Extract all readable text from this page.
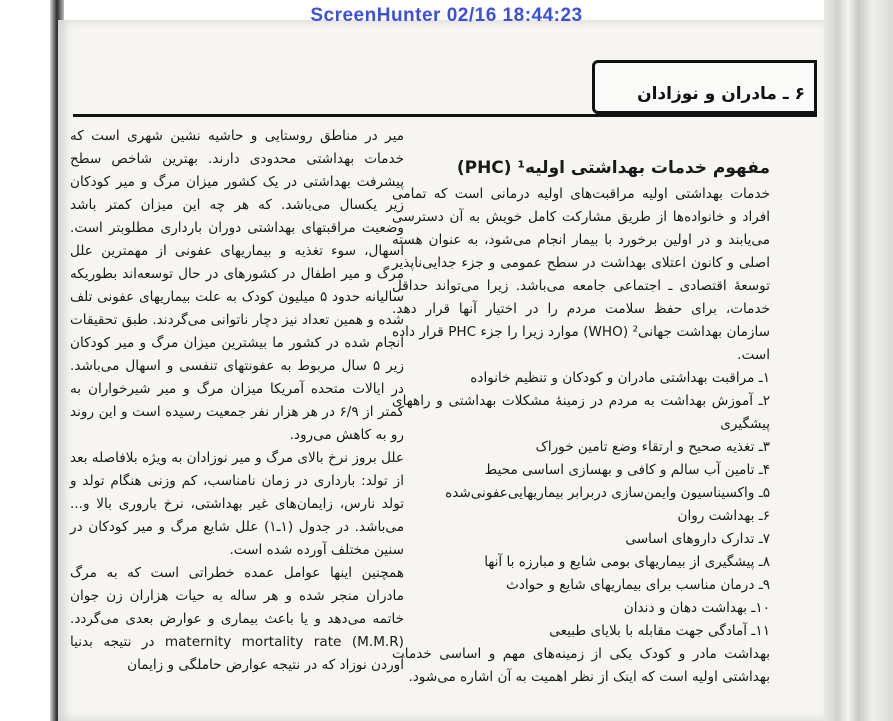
ScreenHunter 02/16 18:44:23
۶ ـ مادران و نوزادان
مفهوم خدمات بهداشتی اولیه¹ (PHC)

خدمات بهداشتی اولیه مراقبت‌های اولیه درمانی است که تمامی افراد و خانواده‌ها از طریق مشارکت کامل خویش به آن دسترسی می‌یابند و در اولین برخورد با بیمار انجام می‌شود، به عنوان هسته اصلی و کانون اعتلای بهداشت در سطح عمومی و جزء جدایی‌ناپذیر توسعهٔ اقتصادی ـ اجتماعی جامعه می‌باشد. زیرا می‌تواند حداقل خدمات، برای حفظ سلامت مردم را در اختیار آنها قرار دهد. سازمان بهداشت جهانی² (WHO) موارد زیرا را جزء PHC قرار داده است.

۱ـ مراقبت بهداشتی مادران و کودکان و تنظیم خانواده
۲ـ آموزش بهداشت به مردم در زمینهٔ مشکلات بهداشتی و راههای پیشگیری
۳ـ تغذیه صحیح و ارتقاء وضع تامین خوراک
۴ـ تامین آب سالم و کافی و بهسازی اساسی محیط
۵ـ واکسیناسیون وایمن‌سازی دربرابر بیماریهایی‌عفونی‌شده
۶ـ بهداشت روان
۷ـ تدارک داروهای اساسی
۸ـ پیشگیری از بیماریهای بومی شایع و مبارزه با آنها
۹ـ درمان مناسب برای بیماریهای شایع و حوادث
۱۰ـ بهداشت دهان و دندان
۱۱ـ آمادگی جهت مقابله با بلایای طبیعی

بهداشت مادر و کودک یکی از زمینه‌های مهم و اساسی خدمات بهداشتی اولیه است که اینک از نظر اهمیت به آن اشاره می‌شود.

میر در مناطق روستایی و حاشیه نشین شهری است که خدمات بهداشتی محدودی دارند. بهترین شاخص سطح پیشرفت بهداشتی در یک کشور میزان مرگ و میر کودکان زیر یکسال می‌باشد. که هر چه این میزان کمتر باشد وضعیت مراقبتهای بهداشتی دوران بارداری مطلوبتر است. اسهال، سوء تغذیه و بیماریهای عفونی از مهمترین علل مرگ و میر اطفال در کشورهای در حال توسعه‌اند بطوریکه سالیانه حدود ۵ میلیون کودک به علت بیماریهای عفونی تلف شده و همین تعداد نیز دچار ناتوانی می‌گردند. طبق تحقیقات انجام شده در کشور ما بیشترین میزان مرگ و میر کودکان زیر ۵ سال مربوط به عفونتهای تنفسی و اسهال می‌باشد. در ایالات متحده آمریکا میزان مرگ و میر شیرخواران به کمتر از ۶/۹ در هر هزار نفر جمعیت رسیده است و این روند رو به کاهش می‌رود.

علل بروز نرخ بالای مرگ و میر نوزادان به ویژه بلافاصله بعد از تولد: بارداری در زمان نامناسب، کم وزنی هنگام تولد و تولد نارس، زایمان‌های غیر بهداشتی، نرخ باروری بالا و... می‌باشد. در جدول (۱ـ۱) علل شایع مرگ و میر کودکان در سنین مختلف آورده شده است.

همچنین اینها عوامل عمده خطراتی است که به مرگ مادران منجر شده و هر ساله به حیات هزاران زن جوان خاتمه می‌دهد و یا باعث بیماری و عوارض بعدی می‌گردد. maternity mortality rate (M.M.R) در نتیجه بدنیا آوردن نوزاد که در نتیجه عوارض حاملگی و زایمان
